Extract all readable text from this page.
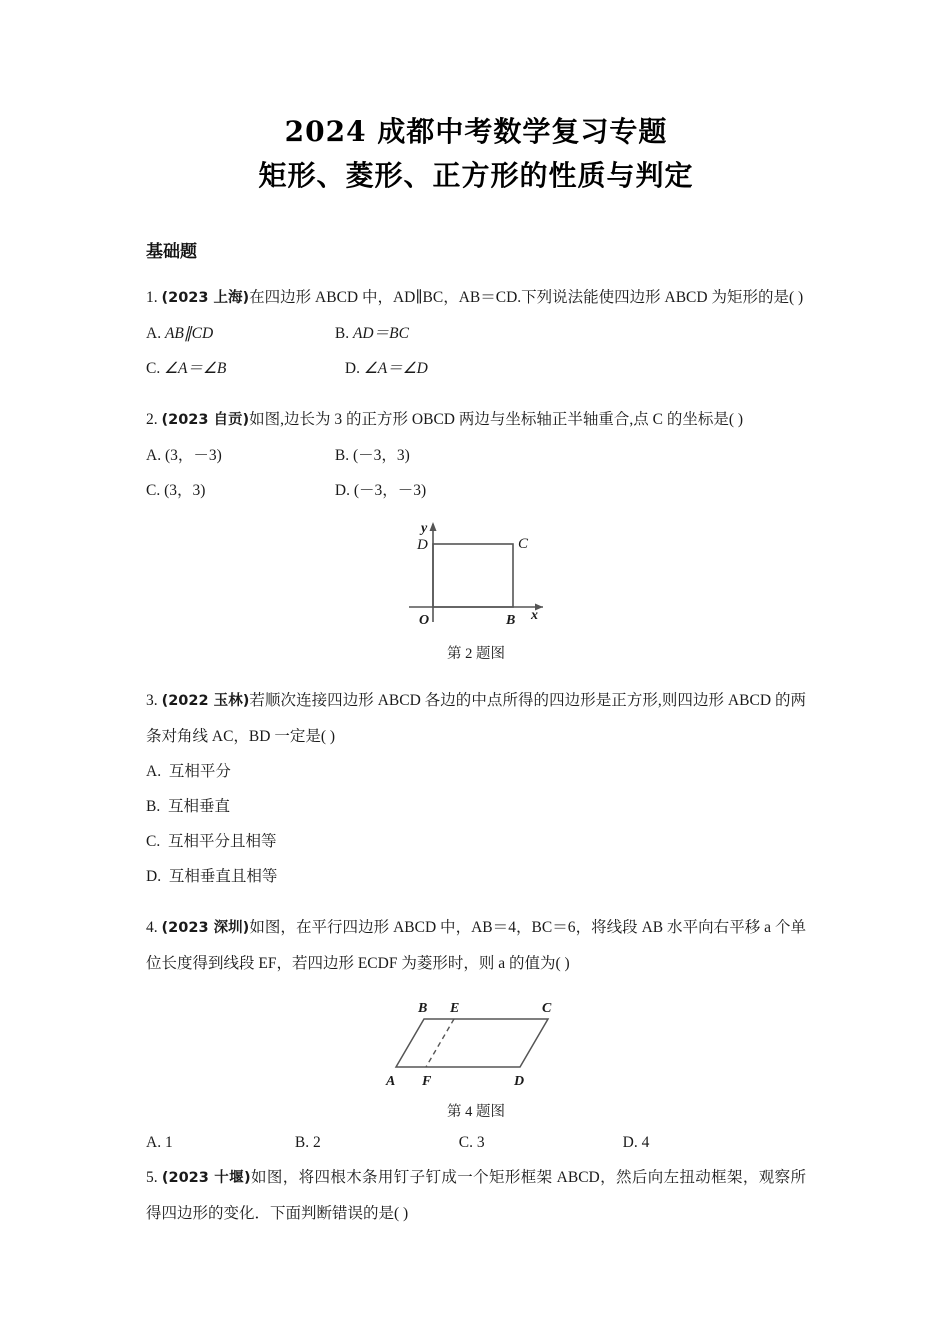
2024 成都中考数学复习专题
矩形、菱形、正方形的性质与判定
基础题
1. (2023 上海)在四边形 ABCD 中，AD∥BC，AB＝CD.下列说法能使四边形 ABCD 为矩形的是( )
A. AB∥CD	B. AD＝BC
C. ∠A＝∠B	D. ∠A＝∠D
2. (2023 自贡)如图,边长为 3 的正方形 OBCD 两边与坐标轴正半轴重合,点 C 的坐标是( )
A. (3，－3)	B. (－3，3)
C. (3，3)	D. (－3，－3)
D	C
O	B
y
x
第 2 题图
3. (2022 玉林)若顺次连接四边形 ABCD 各边的中点所得的四边形是正方形,则四边形 ABCD 的两条对角线 AC，BD 一定是( )
A. 互相平分
B. 互相垂直
C. 互相平分且相等
D. 互相垂直且相等
4. (2023 深圳)如图，在平行四边形 ABCD 中，AB＝4，BC＝6，将线段 AB 水平向右平移 a 个单位长度得到线段 EF，若四边形 ECDF 为菱形时，则 a 的值为( )
B E	C
A F	D
第 4 题图
A. 1	B. 2	C. 3	D. 4
5. (2023 十堰)如图，将四根木条用钉子钉成一个矩形框架 ABCD，然后向左扭动框架，观察所得四边形的变化．下面判断错误的是( )
